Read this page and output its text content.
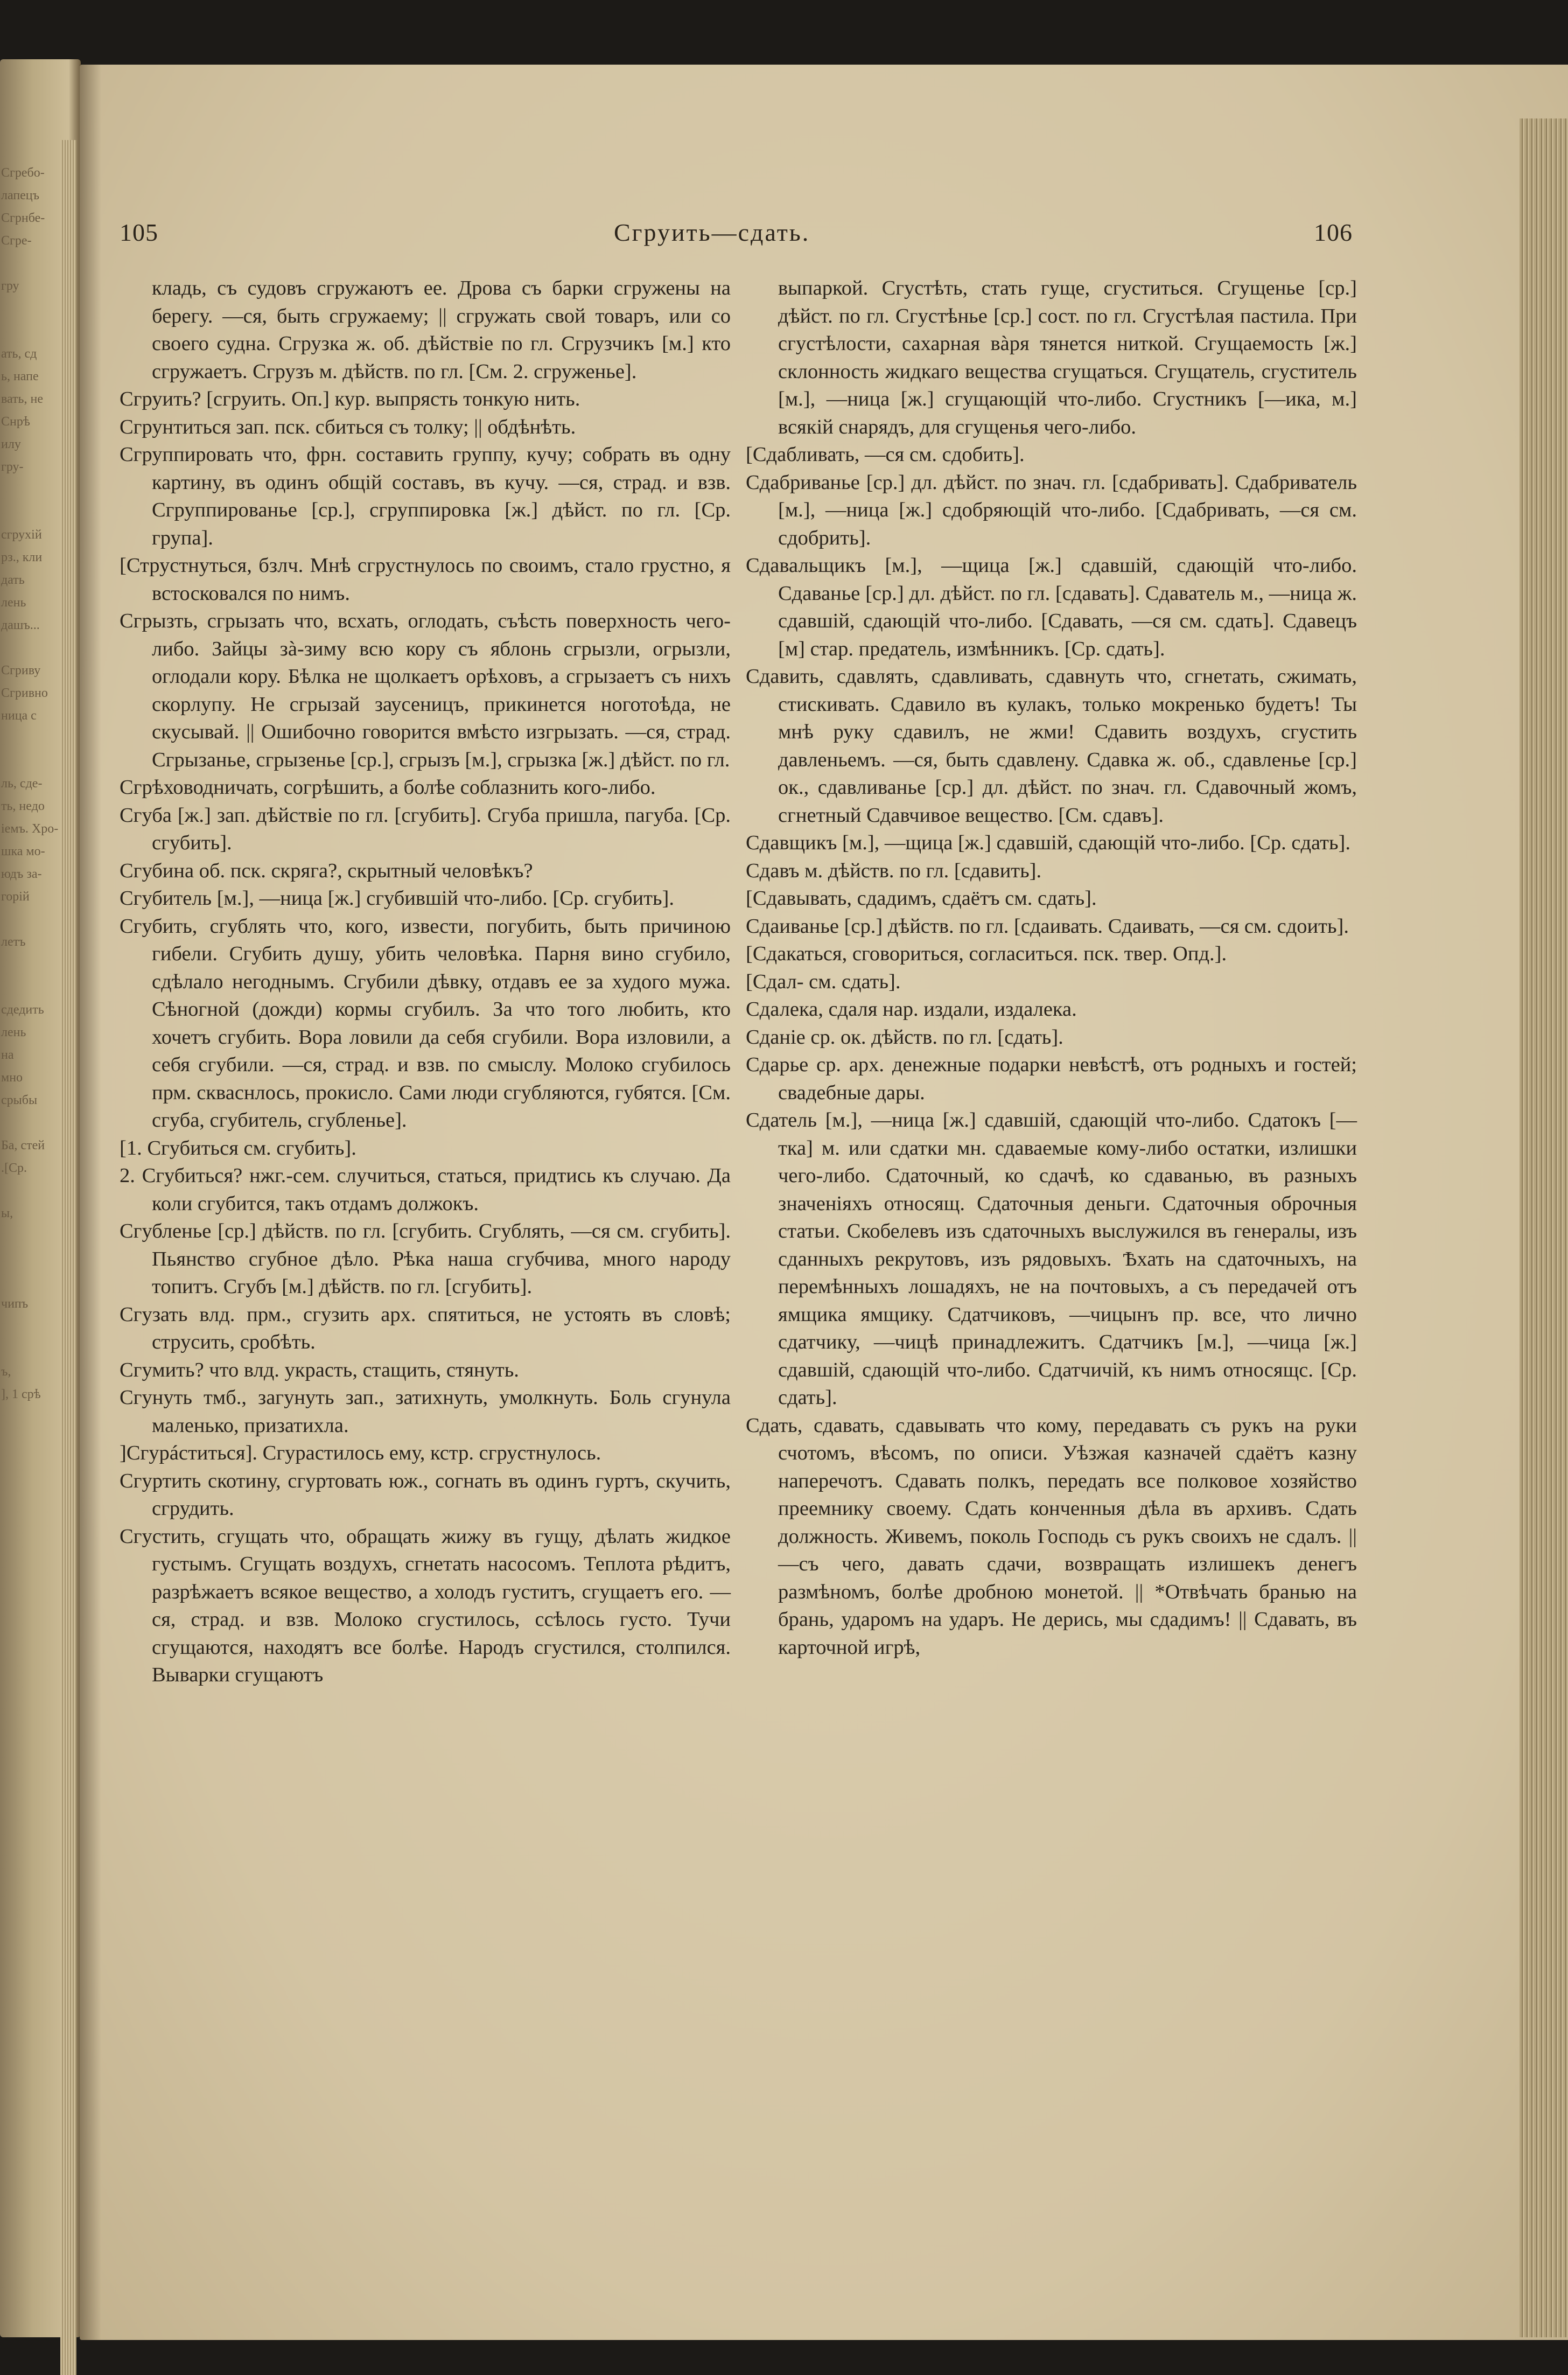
Сгребо-
лапецъ
Сгрнбе-
Сгре-

гру

ать, сд
ь, напе
вать, не
Снрѣ
илу
гру-

сгрухій
рз., кли
дать
лень
дашъ...

Сгриву
Сгривно
ница с

ль, сде-
ть, недо
іемъ. Хро-
шка мо-
юдъ за-
горій

летъ

сдедить
лень
на
мно
срыбы

Ба, стей
.[Ср.

ы,

чипъ

ъ,
], 1 срѣ
105	Сгруить—сдать.	106

кладь, съ судовъ сгружаютъ ее. Дрова съ барки сгружены на берегу. —ся, быть сгружаему; || сгружать свой товаръ, или со своего судна. Сгрузка ж. об. дѣйствіе по гл. Сгрузчикъ [м.] кто сгружаетъ. Сгрузъ м. дѣйств. по гл. [См. 2. сгруженье].

Сгруить? [сгруить. Оп.] кур. выпрясть тонкую нить.

Сгрунтиться зап. пск. сбиться съ толку; || обдѣнѣть.

Сгруппировать что, фрн. составить группу, кучу; собрать въ одну картину, въ одинъ общій составъ, въ кучу. —ся, страд. и взв. Сгруппированье [ср.], сгруппировка [ж.] дѣйст. по гл. [Ср. група].

[Струстнуться, бзлч. Мнѣ сгрустнулось по своимъ, стало грустно, я встосковался по нимъ.

Сгрызть, сгрызать что, всхать, оглодать, съѣсть поверхность чего-либо. Зайцы зà-зиму всю кору съ яблонь сгрызли, огрызли, оглодали кору. Бѣлка не щолкаетъ орѣховъ, а сгрызаетъ съ нихъ скорлупу. Не сгрызай заусеницъ, прикинется ноготоѣда, не скусывай. || Ошибочно говорится вмѣсто изгрызать. —ся, страд. Сгрызанье, сгрызенье [ср.], сгрызъ [м.], сгрызка [ж.] дѣйст. по гл.

Сгрѣховодничать, согрѣшить, а болѣе соблазнить кого-либо.

Сгуба [ж.] зап. дѣйствіе по гл. [сгубить]. Сгуба пришла, пагуба. [Ср. сгубить].

Сгубина об. пск. скряга?, скрытный человѣкъ?

Сгубитель [м.], —ница [ж.] сгубившій что-либо. [Ср. сгубить].

Сгубить, сгублять что, кого, извести, погубить, быть причиною гибели. Сгубить душу, убить человѣка. Парня вино сгубило, сдѣлало негоднымъ. Сгубили дѣвку, отдавъ ее за худого мужа. Сѣногной (дожди) кормы сгубилъ. За что того любить, кто хочетъ сгубить. Вора ловили да себя сгубили. Вора изловили, а себя сгубили. —ся, страд. и взв. по смыслу. Молоко сгубилось прм. скваснлось, прокисло. Сами люди сгубляются, губятся. [См. сгуба, сгубитель, сгубленье].

[1. Сгубиться см. сгубить].

2. Сгубиться? нжг.-сем. случиться, статься, придтись къ случаю. Да коли сгубится, такъ отдамъ должокъ.

Сгубленье [ср.] дѣйств. по гл. [сгубить. Сгублять, —ся см. сгубить]. Пьянство сгубное дѣло. Рѣка наша сгубчива, много народу топитъ. Сгубъ [м.] дѣйств. по гл. [сгубить].

Сгузать влд. прм., сгузить арх. спятиться, не устоять въ словѣ; струсить, сробѣть.

Сгумить? что влд. украсть, стащить, стянуть.

Сгунуть тмб., загунуть зап., затихнуть, умолкнуть. Боль сгунула маленько, призатихла.

]Сгурáститься]. Сгурастилось ему, кстр. сгрустнулось.

Сгуртить скотину, сгуртовать юж., согнать въ одинъ гуртъ, скучить, сгрудить.

Сгустить, сгущать что, обращать жижу въ гущу, дѣлать жидкое густымъ. Сгущать воздухъ, сгнетать насосомъ. Теплота рѣдитъ, разрѣжаетъ всякое вещество, а холодъ густитъ, сгущаетъ его. —ся, страд. и взв. Молоко сгустилось, ссѣлось густо. Тучи сгущаются, находятъ все болѣе. Народъ сгустился, столпился. Выварки сгущаютъ

выпаркой. Сгустѣть, стать гуще, сгуститься. Сгущенье [ср.] дѣйст. по гл. Сгустѣнье [ср.] сост. по гл. Сгустѣлая пастила. При сгустѣлости, сахарная вàря тянется ниткой. Сгущаемость [ж.] склонность жидкаго вещества сгущаться. Сгущатель, сгуститель [м.], —ница [ж.] сгущающій что-либо. Сгустникъ [—ика, м.] всякій снарядъ, для сгущенья чего-либо.

[Сдабливать, —ся см. сдобить].

Сдабриванье [ср.] дл. дѣйст. по знач. гл. [сдабривать]. Сдабриватель [м.], —ница [ж.] сдобряющій что-либо. [Сдабривать, —ся см. сдобрить].

Сдавальщикъ [м.], —щица [ж.] сдавшій, сдающій что-либо. Сдаванье [ср.] дл. дѣйст. по гл. [сдавать]. Сдаватель м., —ница ж. сдавшій, сдающій что-либо. [Сдавать, —ся см. сдать]. Сдавецъ [м] стар. предатель, измѣнникъ. [Ср. сдать].

Сдавить, сдавлять, сдавливать, сдавнуть что, сгнетать, сжимать, стискивать. Сдавило въ кулакъ, только мокренько будетъ! Ты мнѣ руку сдавилъ, не жми! Сдавить воздухъ, сгустить давленьемъ. —ся, быть сдавлену. Сдавка ж. об., сдавленье [ср.] ок., сдавливанье [ср.] дл. дѣйст. по знач. гл. Сдавочный жомъ, сгнетный Сдавчивое вещество. [См. сдавъ].

Сдавщикъ [м.], —щица [ж.] сдавшій, сдающій что-либо. [Ср. сдать].

Сдавъ м. дѣйств. по гл. [сдавить].

[Сдавывать, сдадимъ, сдаётъ см. сдать].

Сдаиванье [ср.] дѣйств. по гл. [сдаивать. Сдаивать, —ся см. сдоить].

[Сдакаться, сговориться, согласиться. пск. твер. Опд.].

[Сдал- см. сдать].

Сдалека, сдаля нар. издали, издалека.

Сданіе ср. ок. дѣйств. по гл. [сдать].

Сдарье ср. арх. денежные подарки невѣстѣ, отъ родныхъ и гостей; свадебные дары.

Сдатель [м.], —ница [ж.] сдавшій, сдающій что-либо. Сдатокъ [—тка] м. или сдатки мн. сдаваемые кому-либо остатки, излишки чего-либо. Сдаточный, ко сдачѣ, ко сдаванью, въ разныхъ значеніяхъ относящ. Сдаточныя деньги. Сдаточныя оброчныя статьи. Скобелевъ изъ сдаточныхъ выслужился въ генералы, изъ сданныхъ рекрутовъ, изъ рядовыхъ. Ѣхать на сдаточныхъ, на перемѣнныхъ лошадяхъ, не на почтовыхъ, а съ передачей отъ ямщика ямщику. Сдатчиковъ, —чицынъ пр. все, что лично сдатчику, —чицѣ принадлежитъ. Сдатчикъ [м.], —чица [ж.] сдавшій, сдающій что-либо. Сдатчичій, къ нимъ относящс. [Ср. сдать].

Сдать, сдавать, сдавывать что кому, передавать съ рукъ на руки счотомъ, вѣсомъ, по описи. Уѣзжая казначей сдаётъ казну наперечотъ. Сдавать полкъ, передать все полковое хозяйство преемнику своему. Сдать конченныя дѣла въ архивъ. Сдать должность. Живемъ, поколь Господь съ рукъ своихъ не сдалъ. || —съ чего, давать сдачи, возвращать излишекъ денегъ размѣномъ, болѣе дробною монетой. || *Отвѣчать бранью на брань, ударомъ на ударъ. Не дерись, мы сдадимъ! || Сдавать, въ карточной игрѣ,
